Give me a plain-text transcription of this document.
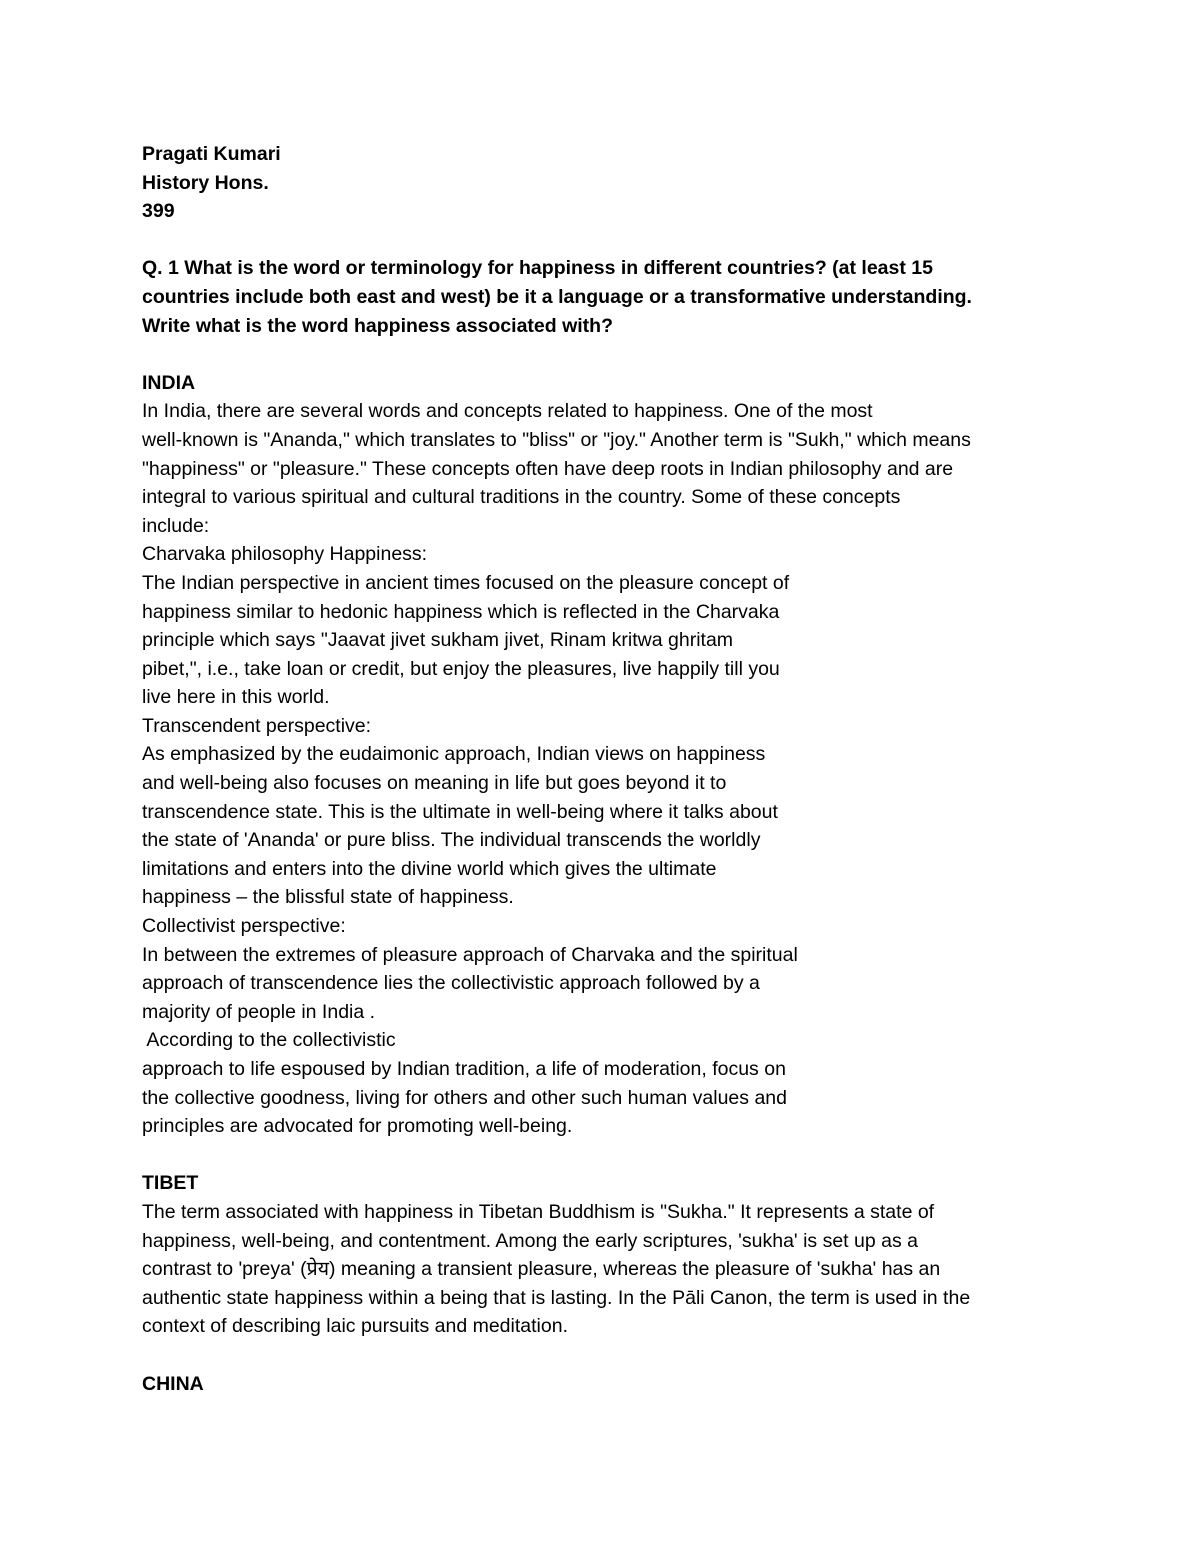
Pragati Kumari

History Hons.

399

Q. 1 What is the word or terminology for happiness in different countries? (at least 15

countries include both east and west) be it a language or a transformative understanding.

Write what is the word happiness associated with?

INDIA

In India, there are several words and concepts related to happiness. One of the most

well-known is "Ananda," which translates to "bliss" or "joy." Another term is "Sukh," which means

"happiness" or "pleasure." These concepts often have deep roots in Indian philosophy and are

integral to various spiritual and cultural traditions in the country. Some of these concepts

include:

Charvaka philosophy Happiness:

The Indian perspective in ancient times focused on the pleasure concept of

happiness similar to hedonic happiness which is reflected in the Charvaka

principle which says "Jaavat jivet sukham jivet, Rinam kritwa ghritam

pibet,", i.e., take loan or credit, but enjoy the pleasures, live happily till you

live here in this world.

Transcendent perspective:

As emphasized by the eudaimonic approach, Indian views on happiness

and well-being also focuses on meaning in life but goes beyond it to

transcendence state. This is the ultimate in well-being where it talks about

the state of 'Ananda' or pure bliss. The individual transcends the worldly

limitations and enters into the divine world which gives the ultimate

happiness – the blissful state of happiness.

Collectivist perspective:

In between the extremes of pleasure approach of Charvaka and the spiritual

approach of transcendence lies the collectivistic approach followed by a

majority of people in India .

According to the collectivistic

approach to life espoused by Indian tradition, a life of moderation, focus on

the collective goodness, living for others and other such human values and

principles are advocated for promoting well-being.

TIBET

The term associated with happiness in Tibetan Buddhism is "Sukha." It represents a state of

happiness, well-being, and contentment. Among the early scriptures, 'sukha' is set up as a

contrast to 'preya' (प्रेय) meaning a transient pleasure, whereas the pleasure of 'sukha' has an

authentic state happiness within a being that is lasting. In the Pāli Canon, the term is used in the

context of describing laic pursuits and meditation.

CHINA
